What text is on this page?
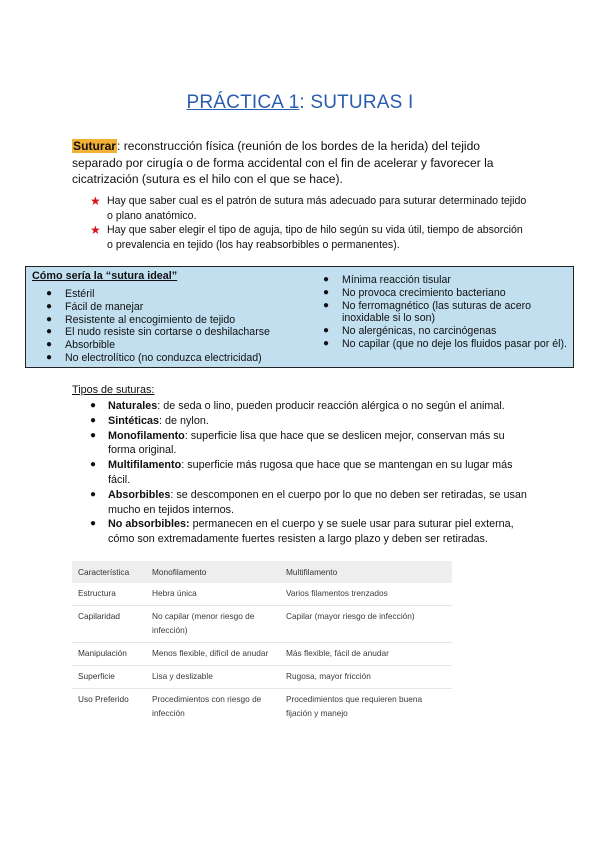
PRÁCTICA 1: SUTURAS I
Suturar: reconstrucción física (reunión de los bordes de la herida) del tejido separado por cirugía o de forma accidental con el fin de acelerar y favorecer la cicatrización (sutura es el hilo con el que se hace).
★ Hay que saber cual es el patrón de sutura más adecuado para suturar determinado tejido o plano anatómico.
★ Hay que saber elegir el tipo de aguja, tipo de hilo según su vida útil, tiempo de absorción o prevalencia en tejido (los hay reabsorbibles o permanentes).
Cómo sería la “sutura ideal”
● Estéril
● Fácil de manejar
● Resistente al encogimiento de tejido
● El nudo resiste sin cortarse o deshilacharse
● Absorbible
● No electrolítico (no conduzca electricidad)
● Mínima reacción tisular
● No provoca crecimiento bacteriano
● No ferromagnético (las suturas de acero inoxidable si lo son)
● No alergénicas, no carcinógenas
● No capilar (que no deje los fluidos pasar por él).
Tipos de suturas:
● Naturales: de seda o lino, pueden producir reacción alérgica o no según el animal.
● Sintéticas: de nylon.
● Monofilamento: superficie lisa que hace que se deslicen mejor, conservan más su forma original.
● Multifilamento: superficie más rugosa que hace que se mantengan en su lugar más fácil.
● Absorbibles: se descomponen en el cuerpo por lo que no deben ser retiradas, se usan mucho en tejidos internos.
● No absorbibles: permanecen en el cuerpo y se suele usar para suturar piel externa, cómo son extremadamente fuertes resisten a largo plazo y deben ser retiradas.
Característica	Monofilamento	Multifilamento
Estructura	Hebra única	Varios filamentos trenzados
Capilaridad	No capilar (menor riesgo de infección)	Capilar (mayor riesgo de infección)
Manipulación	Menos flexible, difícil de anudar	Más flexible, fácil de anudar
Superficie	Lisa y deslizable	Rugosa, mayor fricción
Uso Preferido	Procedimientos con riesgo de infección	Procedimientos que requieren buena fijación y manejo
